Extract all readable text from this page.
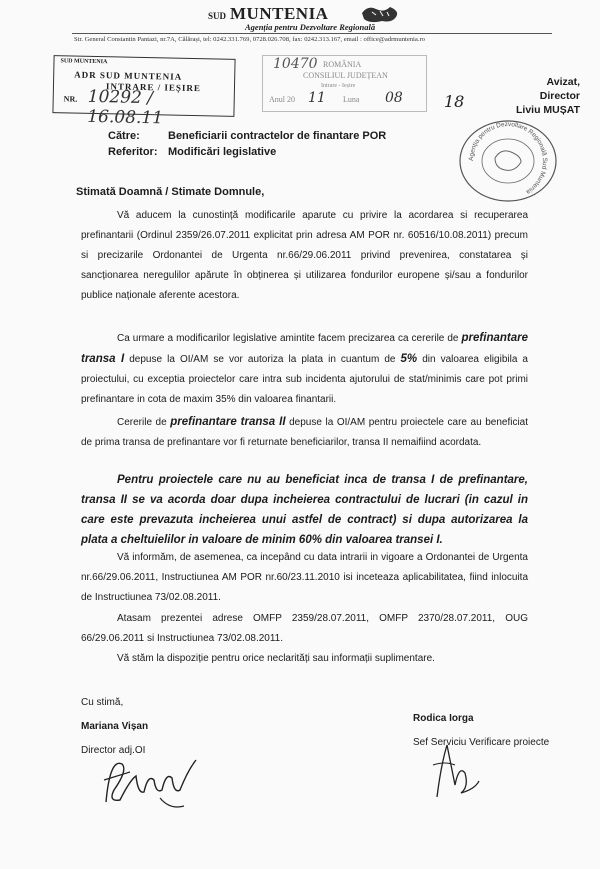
SUD MUNTENIA
Agenția pentru Dezvoltare Regională
Str. General Constantin Pantazi, nr.7A, Călărași, tel: 0242.331.769, 0728.026.708, fax: 0242.313.167, email : office@adrmuntenia.ro
SUD MUNTENIA
ADR SUD MUNTENIA
INTRARE / IEȘIRE
NR. 10292 / 16.08.11
10470 ROMÂNIA
CONSILIUL JUDEȚEAN
Intrare - Ieșire
Anul 20 11 Luna 08	18
Avizat,
Director
Liviu MUȘAT
Agenția pentru Dezvoltare Regională Sud Muntenia
Către:	Beneficiarii contractelor de finantare POR
Referitor: Modificări legislative
Stimată Doamnă / Stimate Domnule,
Vă aducem la cunostință modificarile aparute cu privire la acordarea si recuperarea prefinantarii (Ordinul 2359/26.07.2011 explicitat prin adresa AM POR nr. 60516/10.08.2011) precum si precizarile Ordonantei de Urgenta nr.66/29.06.2011 privind prevenirea, constatarea și sancționarea neregulilor apărute în obținerea și utilizarea fondurilor europene și/sau a fondurilor publice naționale aferente acestora.

Ca urmare a modificarilor legislative amintite facem precizarea ca cererile de prefinantare transa I depuse la OI/AM se vor autoriza la plata in cuantum de 5% din valoarea eligibila a proiectului, cu exceptia proiectelor care intra sub incidenta ajutorului de stat/minimis care pot primi prefinantare in cota de maxim 35% din valoarea finantarii.

Cererile de prefinantare transa II depuse la OI/AM pentru proiectele care au beneficiat de prima transa de prefinantare vor fi returnate beneficiarilor, transa II nemaifiind acordata.

Pentru proiectele care nu au beneficiat inca de transa I de prefinantare, transa II se va acorda doar dupa incheierea contractului de lucrari (in cazul in care este prevazuta incheierea unui astfel de contract) si dupa autorizarea la plata a cheltuielilor in valoare de minim 60% din valoarea transei I.
Vă informăm, de asemenea, ca incepând cu data intrarii in vigoare a Ordonantei de Urgenta nr.66/29.06.2011, Instructiunea AM POR nr.60/23.11.2010 isi inceteaza aplicabilitatea, fiind inlocuita de Instructiunea 73/02.08.2011.
Atasam prezentei adrese OMFP 2359/28.07.2011, OMFP 2370/28.07.2011, OUG 66/29.06.2011 si Instructiunea 73/02.08.2011.
Vă stăm la dispoziție pentru orice neclarități sau informații suplimentare.
Cu stimă,
Mariana Vișan
Director adj.OI
Rodica Iorga
Sef Serviciu Verificare proiecte
